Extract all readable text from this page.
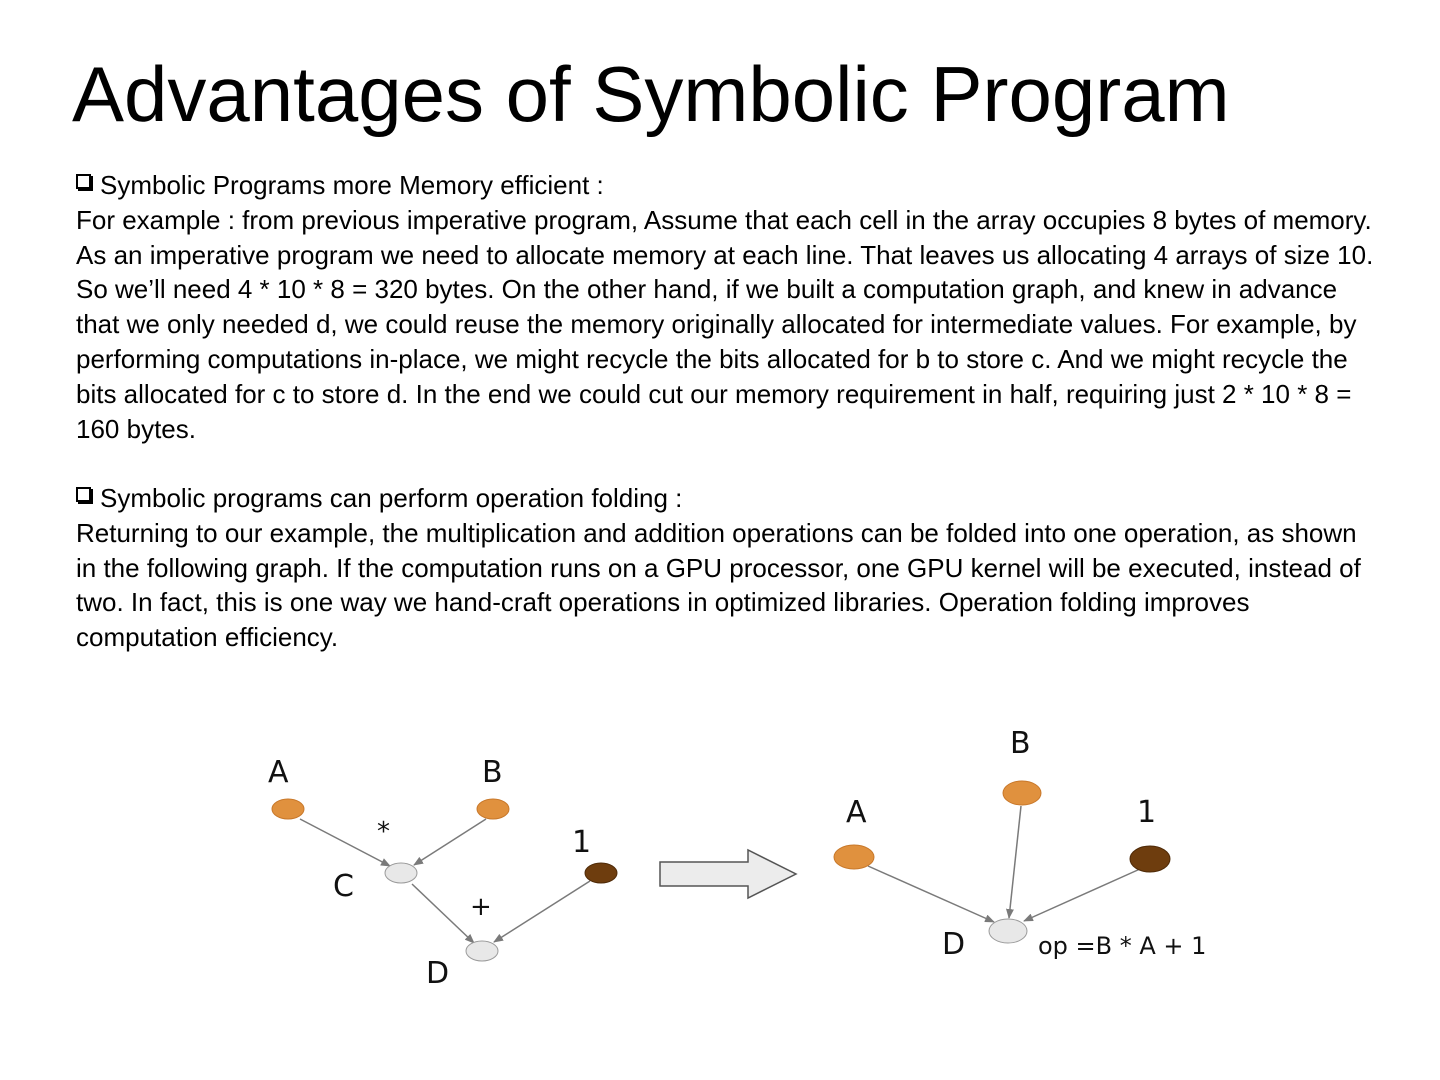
Advantages of Symbolic Program
Symbolic Programs more Memory efficient :

For example : from previous imperative program, Assume that each cell in the array occupies 8 bytes of memory. As an imperative program we need to allocate memory at each line. That leaves us allocating 4 arrays of size 10. So we’ll need 4 * 10 * 8 = 320 bytes. On the other hand, if we built a computation graph, and knew in advance that we only needed d, we could reuse the memory originally allocated for intermediate values. For example, by performing computations in-place, we might recycle the bits allocated for b to store c. And we might recycle the bits allocated for c to store d. In the end we could cut our memory requirement in half, requiring just 2 * 10 * 8 = 160 bytes.

Symbolic programs can perform operation folding :

Returning to our example, the multiplication and addition operations can be folded into one operation, as shown in the following graph. If the computation runs on a GPU processor, one GPU kernel will be executed, instead of two. In fact, this is one way we hand-craft operations in optimized libraries. Operation folding improves computation efficiency.

A	B
C
D
1
*
+
A
B
1
D	op =B * A + 1
